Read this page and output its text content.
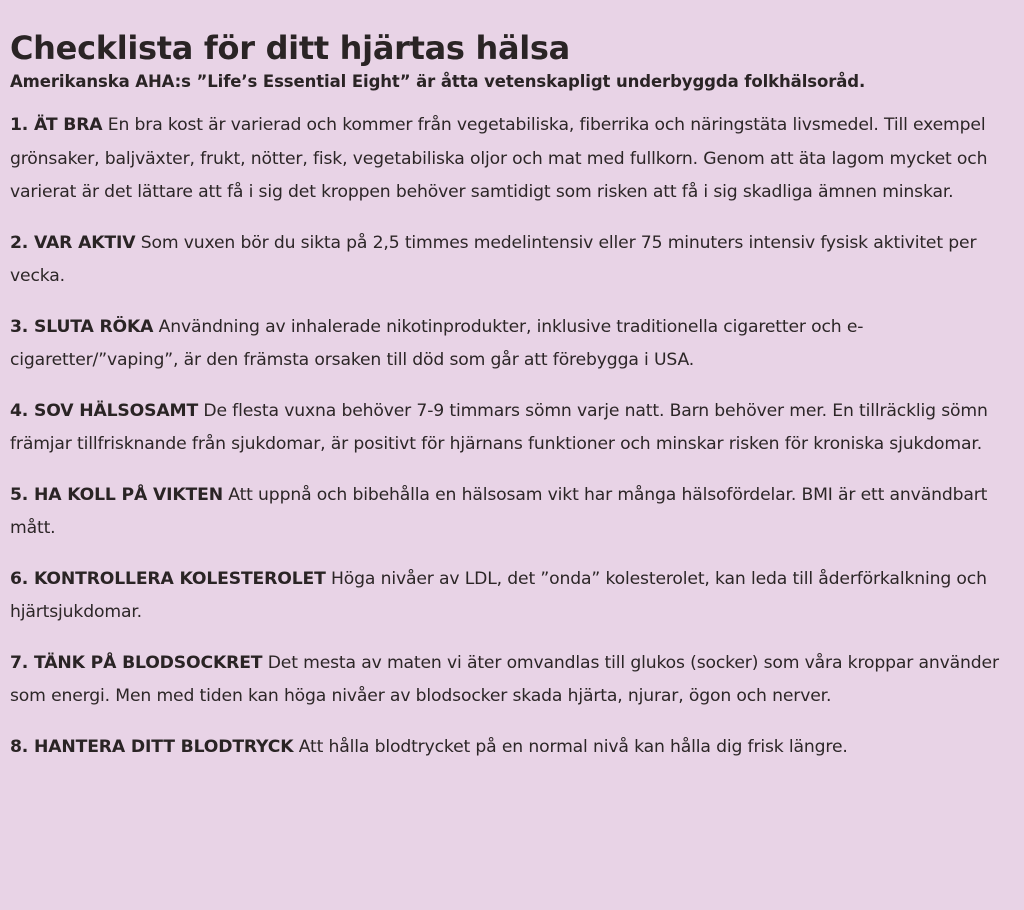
Checklista för ditt hjärtas hälsa

Amerikanska AHA:s ”Life’s Essential Eight” är åtta vetenskapligt underbyggda folkhälsoråd.

1. ÄT BRA En bra kost är varierad och kommer från vegetabiliska, fiberrika och näringstäta livsmedel. Till exempel grönsaker, baljväxter, frukt, nötter, fisk, vegetabiliska oljor och mat med fullkorn. Genom att äta lagom mycket och varierat är det lättare att få i sig det kroppen behöver samtidigt som risken att få i sig skadliga ämnen minskar.
2. VAR AKTIV Som vuxen bör du sikta på 2,5 timmes medelintensiv eller 75 minuters intensiv fysisk aktivitet per vecka.
3. SLUTA RÖKA Användning av inhalerade nikotinprodukter, inklusive traditionella cigaretter och e-cigaretter/”vaping”, är den främsta orsaken till död som går att förebygga i USA.
4. SOV HÄLSOSAMT De flesta vuxna behöver 7-9 timmars sömn varje natt. Barn behöver mer. En tillräcklig sömn främjar tillfrisknande från sjukdomar, är positivt för hjärnans funktioner och minskar risken för kroniska sjukdomar.
5. HA KOLL PÅ VIKTEN Att uppnå och bibehålla en hälsosam vikt har många hälsofördelar. BMI är ett användbart mått.
6. KONTROLLERA KOLESTEROLET Höga nivåer av LDL, det ”onda” kolesterolet, kan leda till åderförkalkning och hjärtsjukdomar.
7. TÄNK PÅ BLODSOCKRET Det mesta av maten vi äter omvandlas till glukos (socker) som våra kroppar använder som energi. Men med tiden kan höga nivåer av blodsocker skada hjärta, njurar, ögon och nerver.
8. HANTERA DITT BLODTRYCK Att hålla blodtrycket på en normal nivå kan hålla dig frisk längre.
